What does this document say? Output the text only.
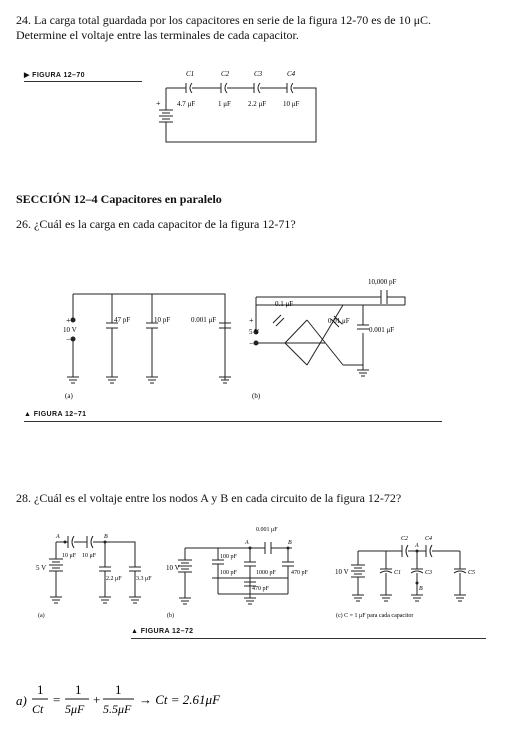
24. La carga total guardada por los capacitores en serie de la figura 12-70 es de 10 μC.
Determine el voltaje entre las terminales de cada capacitor.
▶ FIGURA 12–70
+
C1	C2	C3	C4
4.7 μF	1 μF 2.2 μF 10 μF
SECCIÓN 12–4 Capacitores en paralelo
26. ¿Cuál es la carga en cada capacitor de la figura 12-71?
+
10 V
−
47 pF	10 pF	0.001 μF
(a)
10,000 pF
0.1 μF
0.01 μF
0.001 μF
+
5 V
−
(b)
▲ FIGURA 12–71
28. ¿Cuál es el voltaje entre los nodos A y B en cada circuito de la figura 12-72?
A	B
10 μF 10 μF
2.2 μF 3.3 μF
5 V
(a)
A	B
0.001 μF
100 pF
100 pF	1000 pF	470 pF
470 pF
10 V
(b)
A
B
C2	C4
C1	C3	C5
10 V
(c) C = 1 μF para cada capacitor
▲ FIGURA 12–72
a)
1
Ct
=
1
5μF
+
1
5.5μF
→ Ct = 2.61μF
